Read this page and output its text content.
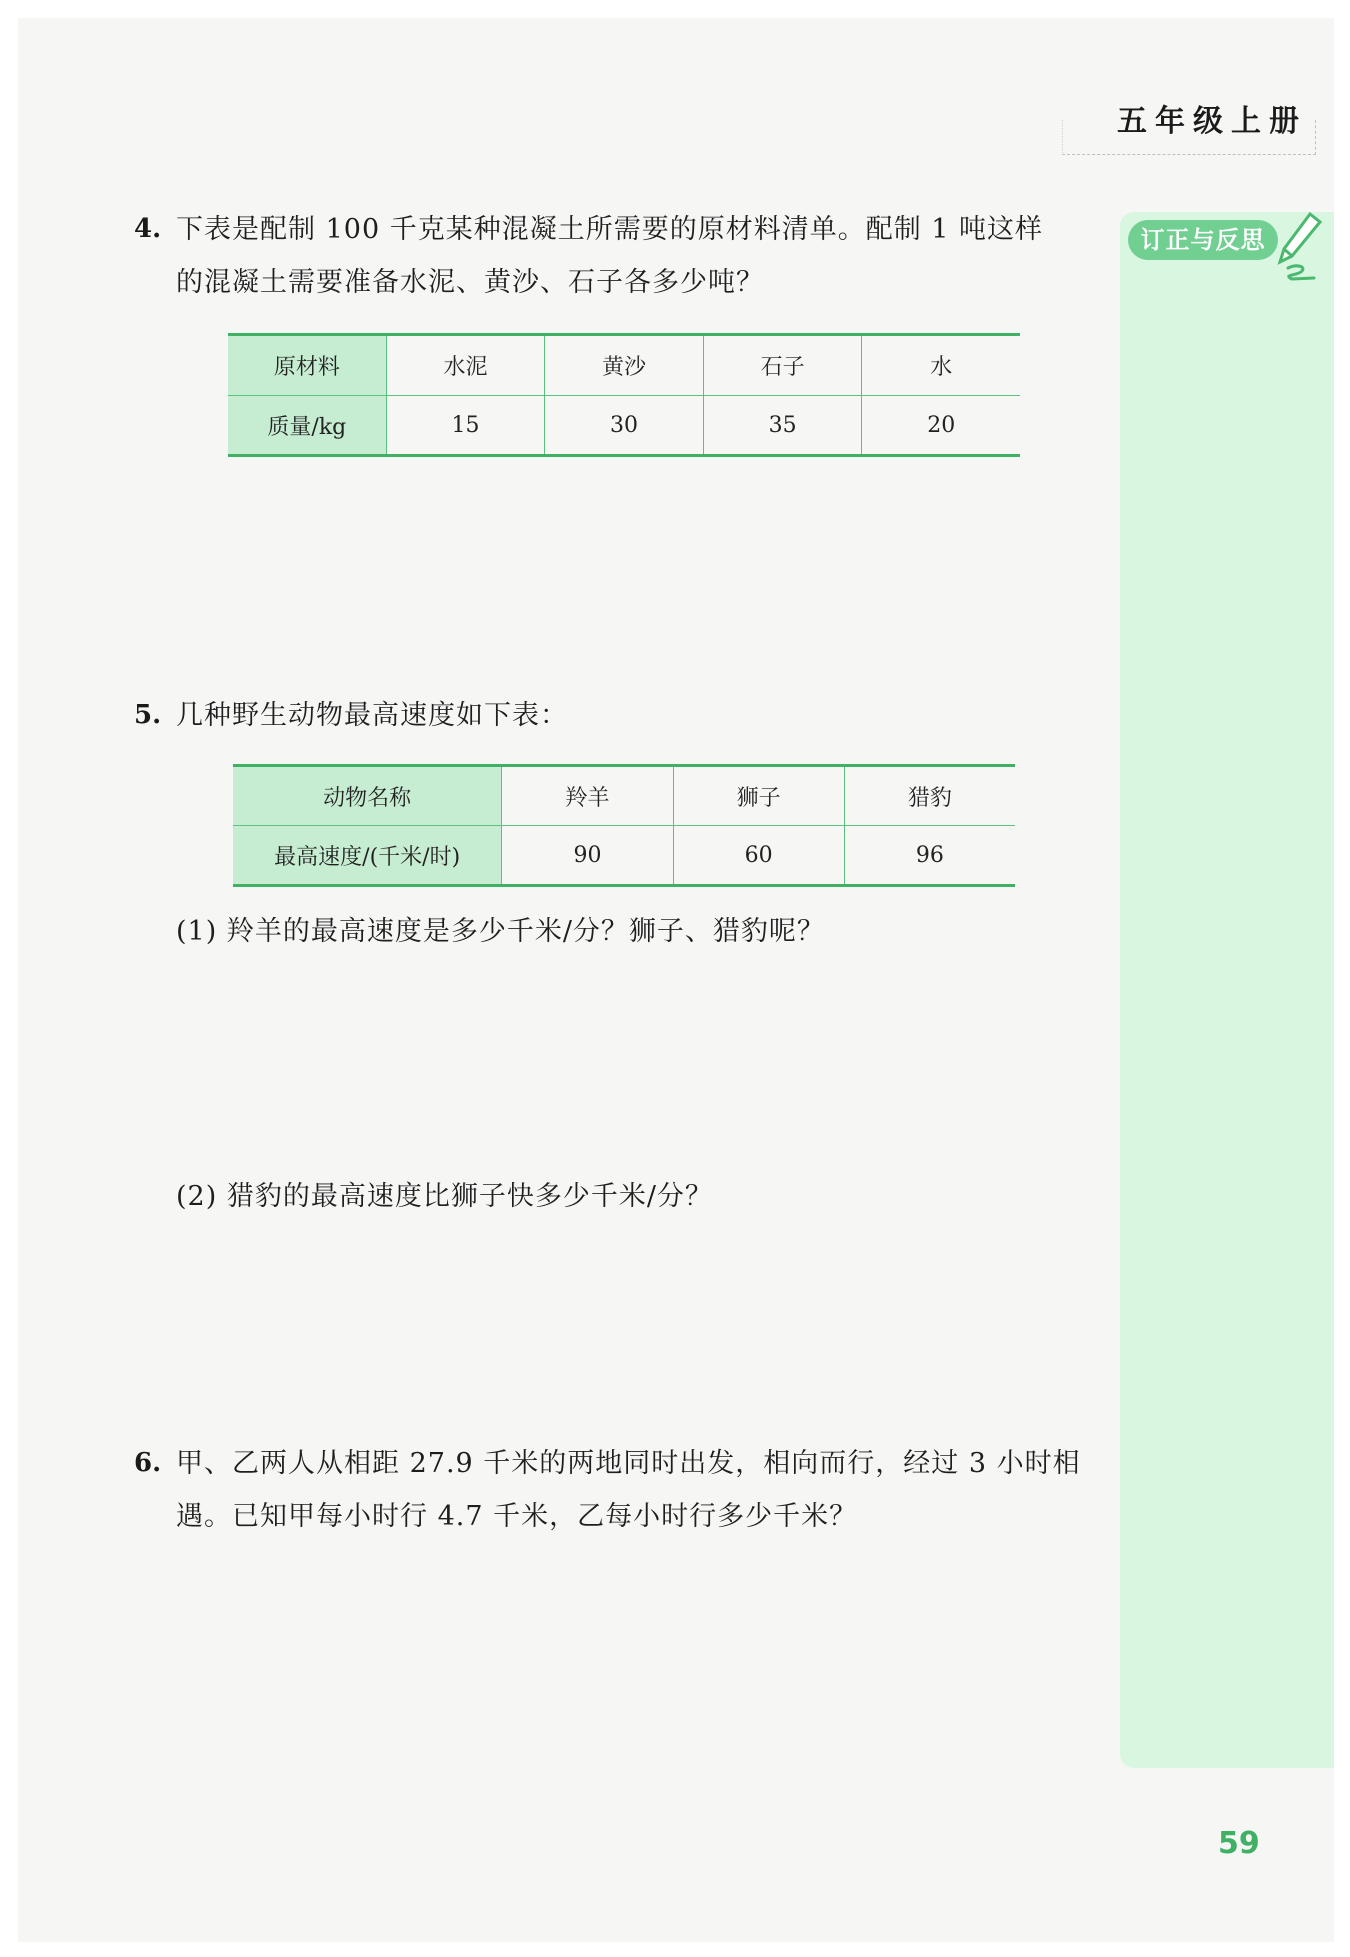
五年级上册
订正与反思
4. 下表是配制 100 千克某种混凝土所需要的原材料清单。配制 1 吨这样
的混凝土需要准备水泥、黄沙、石子各多少吨？
原材料	水泥	黄沙	石子	水
质量/kg	15	30	35	20
5. 几种野生动物最高速度如下表：
动物名称	羚羊	狮子	猎豹
最高速度/(千米/时)	90	60	96
(1) 羚羊的最高速度是多少千米/分？狮子、猎豹呢？
(2) 猎豹的最高速度比狮子快多少千米/分？
6. 甲、乙两人从相距 27.9 千米的两地同时出发，相向而行，经过 3 小时相
遇。已知甲每小时行 4.7 千米，乙每小时行多少千米？
59
